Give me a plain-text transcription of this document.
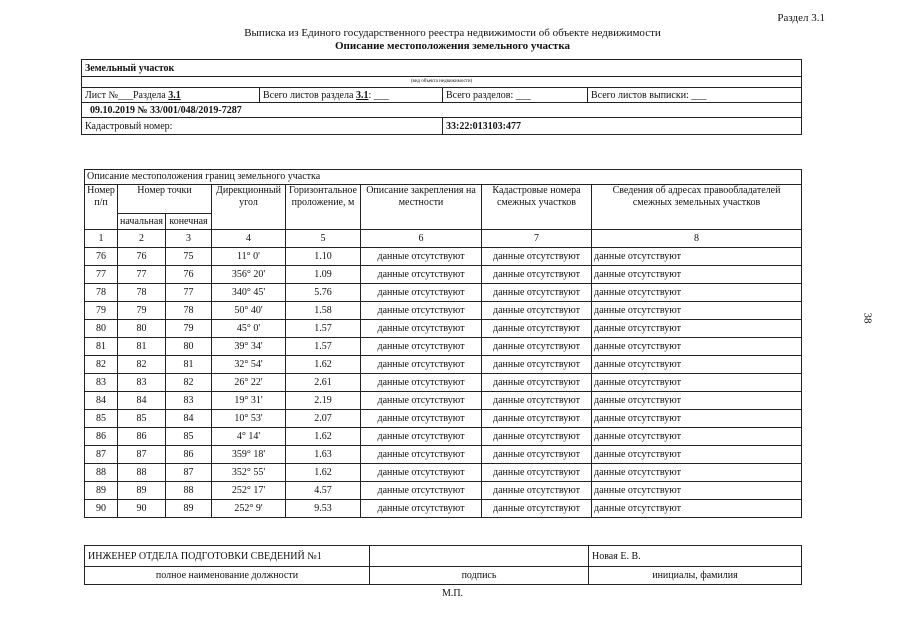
Раздел 3.1
Выписка из Единого государственного реестра недвижимости об объекте недвижимости
Описание местоположения земельного участка
38
Земельный участок			
(вид объекта недвижимости)			
Лист №___Раздела 3.1	Всего листов раздела 3.1: ___	Всего разделов: ___	Всего листов выписки: ___
09.10.2019 № 33/001/048/2019-7287			
Кадастровый номер:		33:22:013103:477	
Описание местоположения границ земельного участка							
Номер п/п	Номер точки		Дирекционный угол	Горизонтальное проложение, м	Описание закрепления на местности	Кадастровые номера смежных участков	Сведения об адресах правообладателей смежных земельных участков
	начальная	конечная					
1	2	3	4	5	6	7	8
76	76	75	11° 0'	1.10	данные отсутствуют	данные отсутствуют	данные отсутствуют
77	77	76	356° 20'	1.09	данные отсутствуют	данные отсутствуют	данные отсутствуют
78	78	77	340° 45'	5.76	данные отсутствуют	данные отсутствуют	данные отсутствуют
79	79	78	50° 40'	1.58	данные отсутствуют	данные отсутствуют	данные отсутствуют
80	80	79	45° 0'	1.57	данные отсутствуют	данные отсутствуют	данные отсутствуют
81	81	80	39° 34'	1.57	данные отсутствуют	данные отсутствуют	данные отсутствуют
82	82	81	32° 54'	1.62	данные отсутствуют	данные отсутствуют	данные отсутствуют
83	83	82	26° 22'	2.61	данные отсутствуют	данные отсутствуют	данные отсутствуют
84	84	83	19° 31'	2.19	данные отсутствуют	данные отсутствуют	данные отсутствуют
85	85	84	10° 53'	2.07	данные отсутствуют	данные отсутствуют	данные отсутствуют
86	86	85	4° 14'	1.62	данные отсутствуют	данные отсутствуют	данные отсутствуют
87	87	86	359° 18'	1.63	данные отсутствуют	данные отсутствуют	данные отсутствуют
88	88	87	352° 55'	1.62	данные отсутствуют	данные отсутствуют	данные отсутствуют
89	89	88	252° 17'	4.57	данные отсутствуют	данные отсутствуют	данные отсутствуют
90	90	89	252° 9'	9.53	данные отсутствуют	данные отсутствуют	данные отсутствуют
ИНЖЕНЕР ОТДЕЛА ПОДГОТОВКИ СВЕДЕНИЙ №1		Новая Е. В.
полное наименование должности	подпись	инициалы, фамилия
М.П.
